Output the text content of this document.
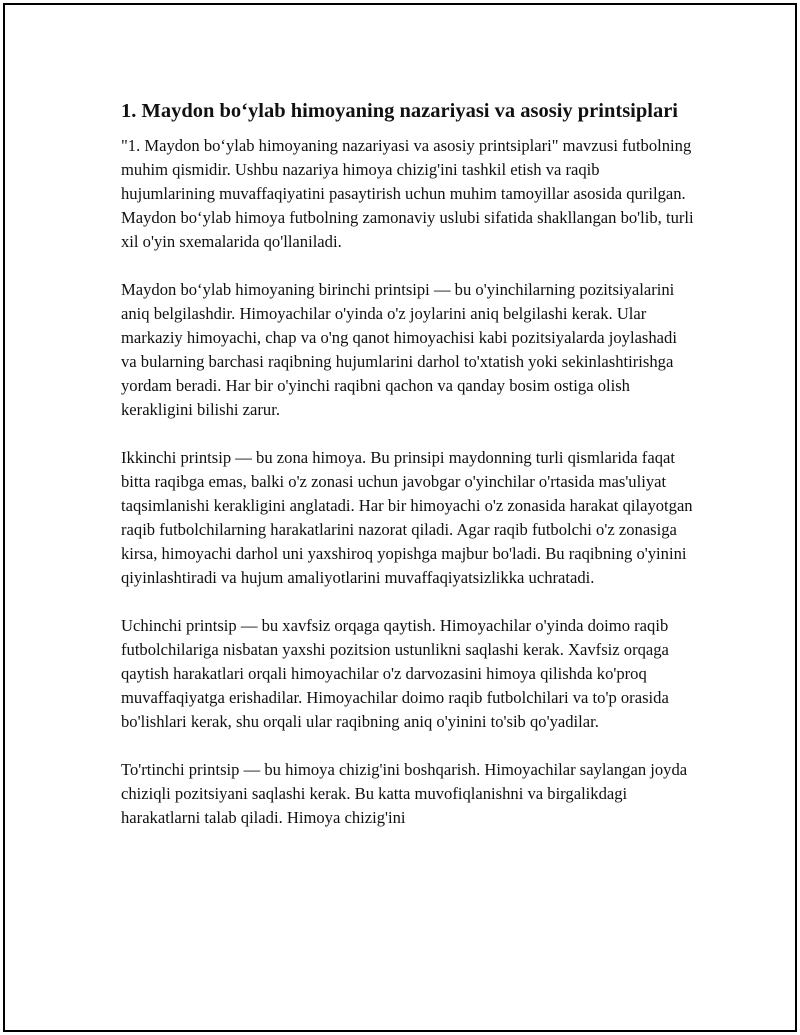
1. Maydon bo‘ylab himoyaning nazariyasi va asosiy printsiplari

"1. Maydon bo‘ylab himoyaning nazariyasi va asosiy printsiplari" mavzusi futbolning muhim qismidir. Ushbu nazariya himoya chizig'ini tashkil etish va raqib hujumlarining muvaffaqiyatini pasaytirish uchun muhim tamoyillar asosida qurilgan. Maydon bo‘ylab himoya futbolning zamonaviy uslubi sifatida shakllangan bo'lib, turli xil o'yin sxemalarida qo'llaniladi.

Maydon bo‘ylab himoyaning birinchi printsipi — bu o'yinchilarning pozitsiyalarini aniq belgilashdir. Himoyachilar o'yinda o'z joylarini aniq belgilashi kerak. Ular markaziy himoyachi, chap va o'ng qanot himoyachisi kabi pozitsiyalarda joylashadi va bularning barchasi raqibning hujumlarini darhol to'xtatish yoki sekinlashtirishga yordam beradi. Har bir o'yinchi raqibni qachon va qanday bosim ostiga olish kerakligini bilishi zarur.

Ikkinchi printsip — bu zona himoya. Bu prinsipi maydonning turli qismlarida faqat bitta raqibga emas, balki o'z zonasi uchun javobgar o'yinchilar o'rtasida mas'uliyat taqsimlanishi kerakligini anglatadi. Har bir himoyachi o'z zonasida harakat qilayotgan raqib futbolchilarning harakatlarini nazorat qiladi. Agar raqib futbolchi o'z zonasiga kirsa, himoyachi darhol uni yaxshiroq yopishga majbur bo'ladi. Bu raqibning o'yinini qiyinlashtiradi va hujum amaliyotlarini muvaffaqiyatsizlikka uchratadi.

Uchinchi printsip — bu xavfsiz orqaga qaytish. Himoyachilar o'yinda doimo raqib futbolchilariga nisbatan yaxshi pozitsion ustunlikni saqlashi kerak. Xavfsiz orqaga qaytish harakatlari orqali himoyachilar o'z darvozasini himoya qilishda ko'proq muvaffaqiyatga erishadilar. Himoyachilar doimo raqib futbolchilari va to'p orasida bo'lishlari kerak, shu orqali ular raqibning aniq o'yinini to'sib qo'yadilar.

To'rtinchi printsip — bu himoya chizig'ini boshqarish. Himoyachilar saylangan joyda chiziqli pozitsiyani saqlashi kerak. Bu katta muvofiqlanishni va birgalikdagi harakatlarni talab qiladi. Himoya chizig'ini
